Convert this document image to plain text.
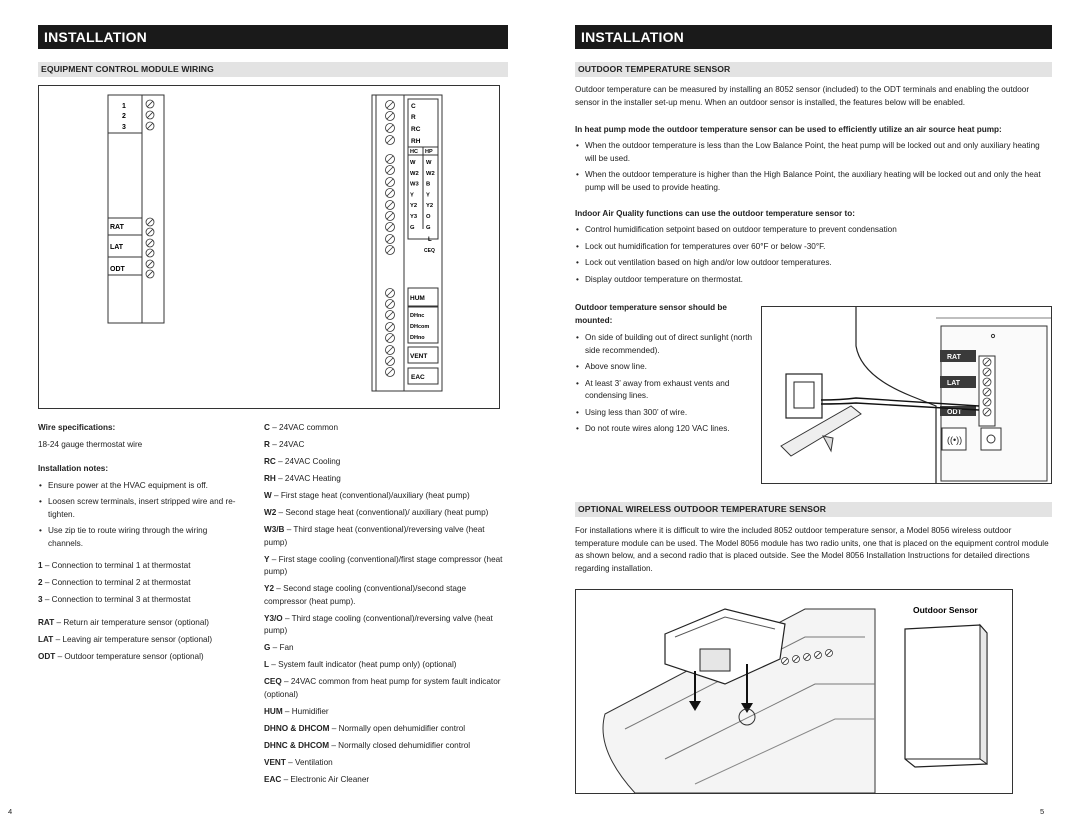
INSTALLATION
EQUIPMENT CONTROL MODULE WIRING
1
2
3
RAT
LAT
ODT
C
R
RC
RH
HC HP
W W
W2 W2
W3 B
Y Y
Y2 Y2
Y3 O
G G
L
CEQ
HUM
DHnc
DHcom
DHno
VENT
EAC
Wire specifications:
18-24 gauge thermostat wire
Installation notes:
• Ensure power at the HVAC equipment is off.
• Loosen screw terminals, insert stripped wire and re-tighten.
• Use zip tie to route wiring through the wiring channels.
1 – Connection to terminal 1 at thermostat
2 – Connection to terminal 2 at thermostat
3 – Connection to terminal 3 at thermostat
RAT – Return air temperature sensor (optional)
LAT – Leaving air temperature sensor (optional)
ODT – Outdoor temperature sensor (optional)
C – 24VAC common
R – 24VAC
RC – 24VAC Cooling
RH – 24VAC Heating
W – First stage heat (conventional)/auxiliary (heat pump)
W2 – Second stage heat (conventional)/ auxiliary (heat pump)
W3/B – Third stage heat (conventional)/reversing valve (heat pump)
Y – First stage cooling (conventional)/first stage compressor (heat pump)
Y2 – Second stage cooling (conventional)/second stage compressor (heat pump).
Y3/O – Third stage cooling (conventional)/reversing valve (heat pump)
G – Fan
L – System fault indicator (heat pump only) (optional)
CEQ – 24VAC common from heat pump for system fault indicator (optional)
HUM – Humidifier
DHNO & DHCOM – Normally open dehumidifier control
DHNC & DHCOM – Normally closed dehumidifier control
VENT – Ventilation
EAC – Electronic Air Cleaner
4
INSTALLATION
OUTDOOR TEMPERATURE SENSOR
Outdoor temperature can be measured by installing an 8052 sensor (included) to the ODT terminals and enabling the outdoor sensor in the installer set-up menu. When an outdoor sensor is installed, the features below will be enabled.
In heat pump mode the outdoor temperature sensor can be used to efficiently utilize an air source heat pump:
• When the outdoor temperature is less than the Low Balance Point, the heat pump will be locked out and only auxiliary heating will be used.
• When the outdoor temperature is higher than the High Balance Point, the auxiliary heating will be locked out and only the heat pump will be used to provide heating.
Indoor Air Quality functions can use the outdoor temperature sensor to:
• Control humidification setpoint based on outdoor temperature to prevent condensation
• Lock out humidification for temperatures over 60°F or below -30°F.
• Lock out ventilation based on high and/or low outdoor temperatures.
• Display outdoor temperature on thermostat.
Outdoor temperature sensor should be mounted:
• On side of building out of direct sunlight (north side recommended).
• Above snow line.
• At least 3’ away from exhaust vents and condensing lines.
• Using less than 300’ of wire.
• Do not route wires along 120 VAC lines.
RAT
LAT
ODT
((•))
OPTIONAL WIRELESS OUTDOOR TEMPERATURE SENSOR
For installations where it is difficult to wire the included 8052 outdoor temperature sensor, a Model 8056 wireless outdoor temperature module can be used. The Model 8056 module has two radio units, one that is placed on the equipment control module as shown below, and a second radio that is placed outside. See the Model 8056 Installation Instructions for detailed directions regarding installation.
Outdoor Sensor
5
